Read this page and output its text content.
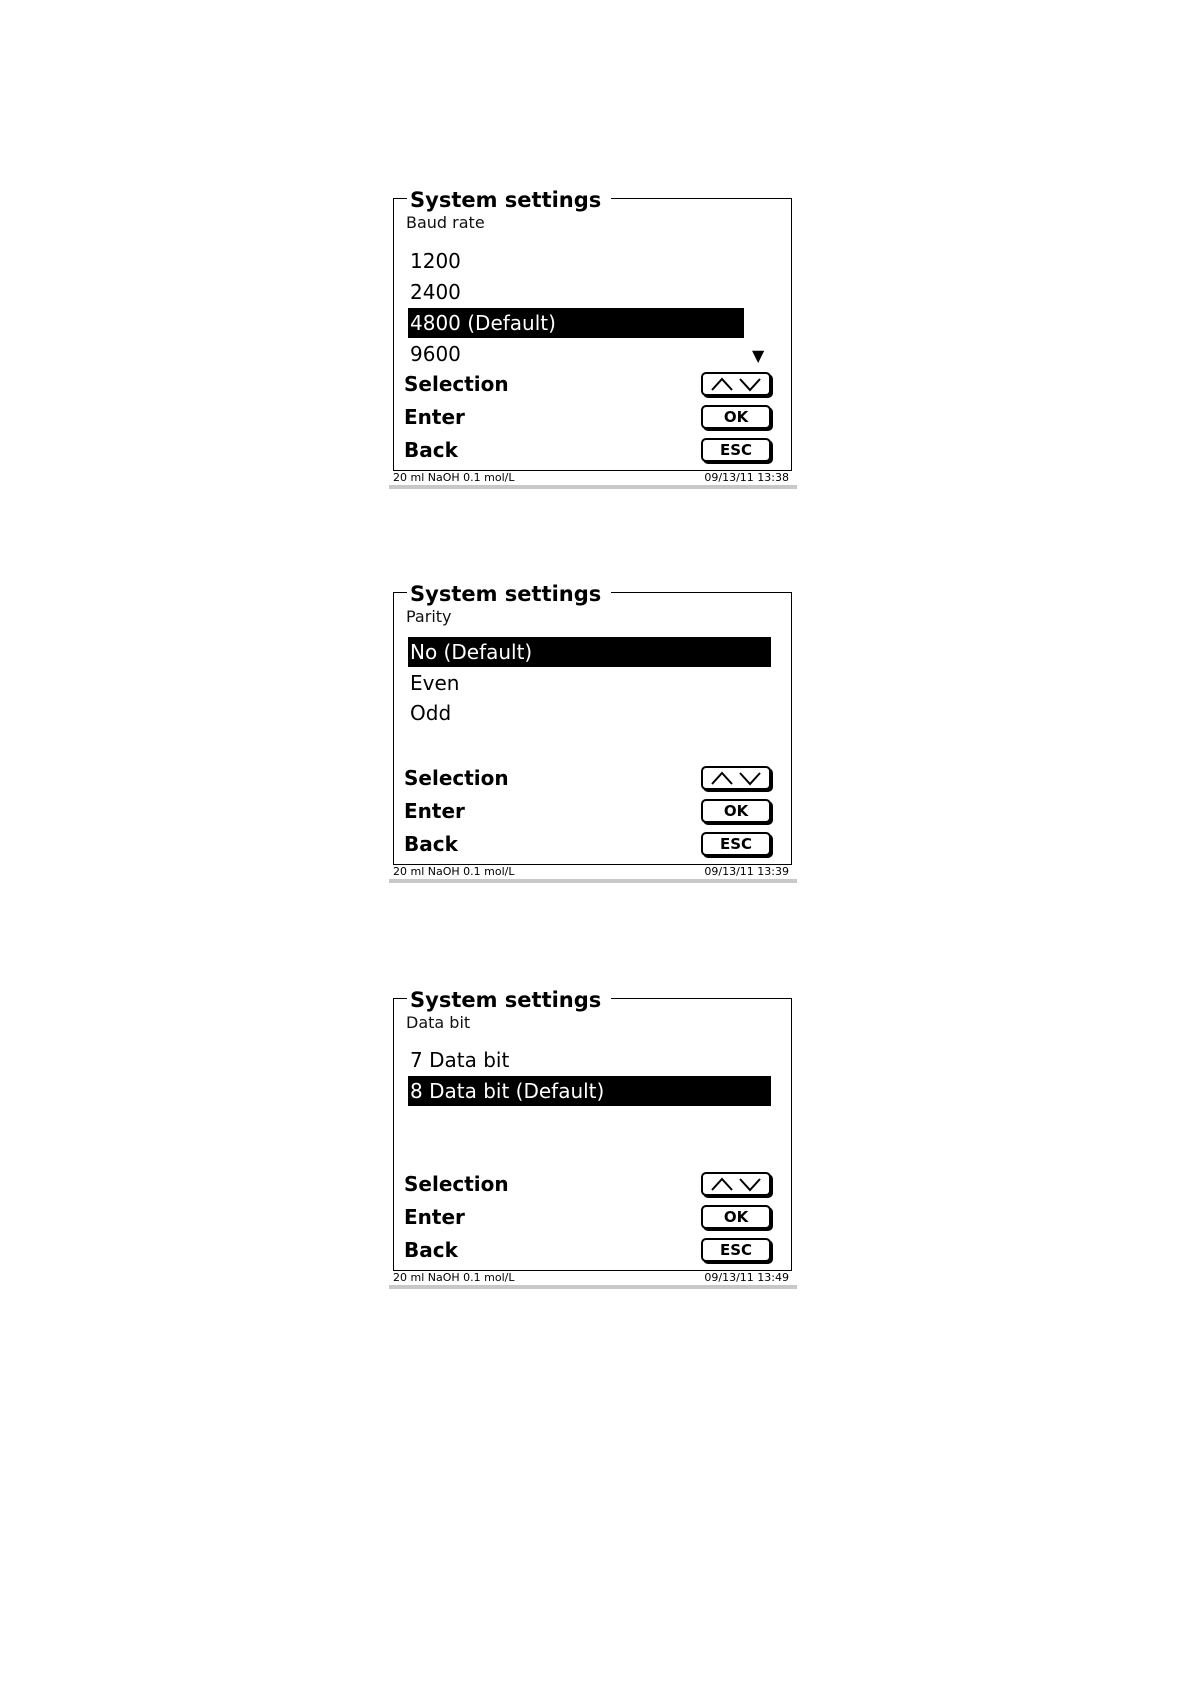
System settings
Baud rate
1200
2400
4800 (Default)
9600	▼
Selection
Enter	OK
Back	ESC
20 ml NaOH 0.1 mol/L	09/13/11 13:38
System settings
Parity
No (Default)
Even
Odd
Selection
Enter	OK
Back	ESC
20 ml NaOH 0.1 mol/L	09/13/11 13:39
System settings
Data bit
7 Data bit
8 Data bit (Default)
Selection
Enter	OK
Back	ESC
20 ml NaOH 0.1 mol/L	09/13/11 13:49
